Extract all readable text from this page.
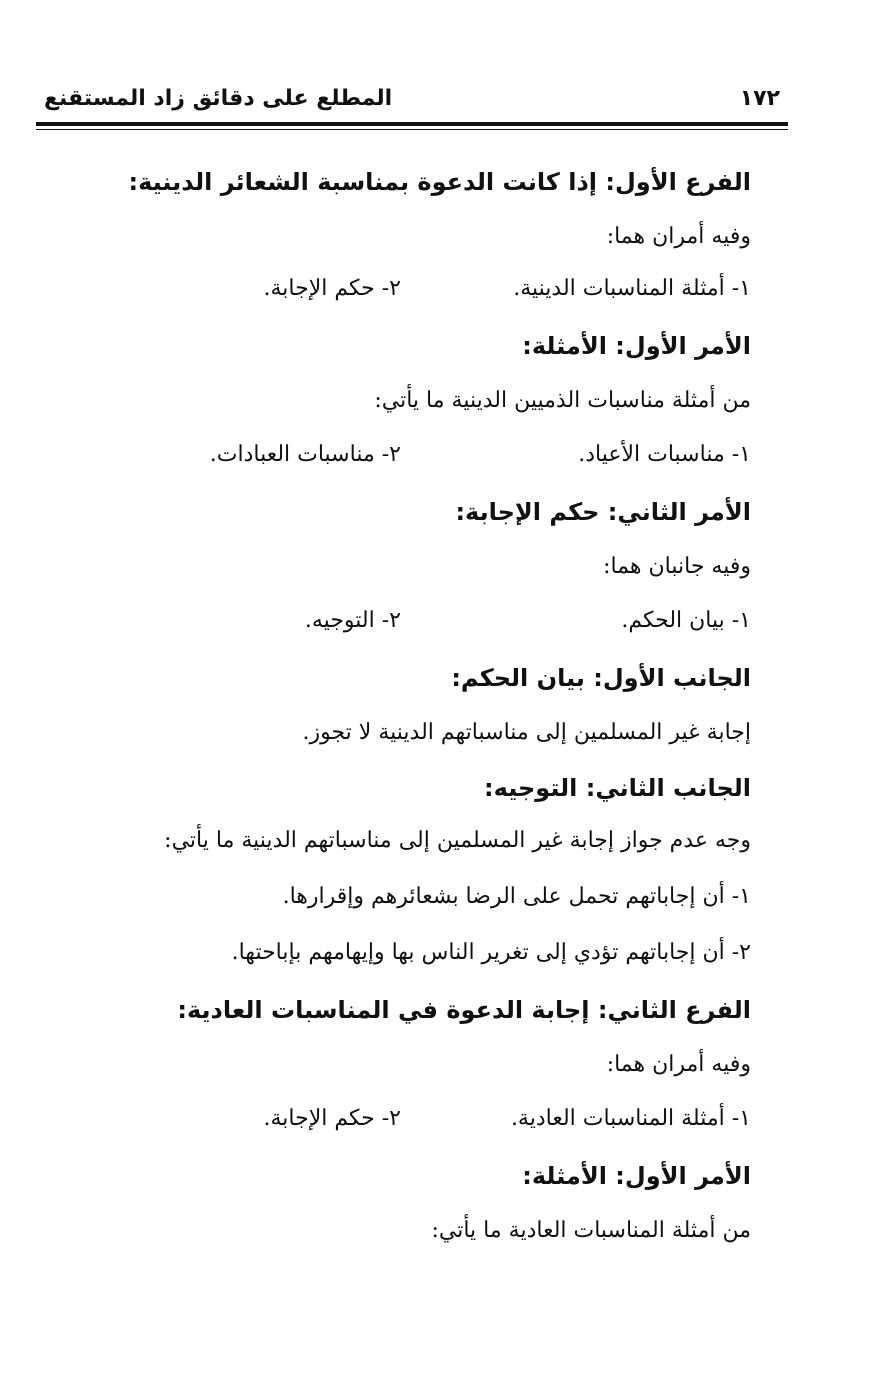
١٧٢
المطلع على دقائق زاد المستقنع
الفرع الأول: إذا كانت الدعوة بمناسبة الشعائر الدينية:
وفيه أمران هما:
١- أمثلة المناسبات الدينية.
٢- حكم الإجابة.
الأمر الأول: الأمثلة:
من أمثلة مناسبات الذميين الدينية ما يأتي:
١- مناسبات الأعياد.
٢- مناسبات العبادات.
الأمر الثاني: حكم الإجابة:
وفيه جانبان هما:
١- بيان الحكم.
٢- التوجيه.
الجانب الأول: بيان الحكم:
إجابة غير المسلمين إلى مناسباتهم الدينية لا تجوز.
الجانب الثاني: التوجيه:
وجه عدم جواز إجابة غير المسلمين إلى مناسباتهم الدينية ما يأتي:
١- أن إجاباتهم تحمل على الرضا بشعائرهم وإقرارها.
٢- أن إجاباتهم تؤدي إلى تغرير الناس بها وإيهامهم بإباحتها.
الفرع الثاني: إجابة الدعوة في المناسبات العادية:
وفيه أمران هما:
١- أمثلة المناسبات العادية.
٢- حكم الإجابة.
الأمر الأول: الأمثلة:
من أمثلة المناسبات العادية ما يأتي:
